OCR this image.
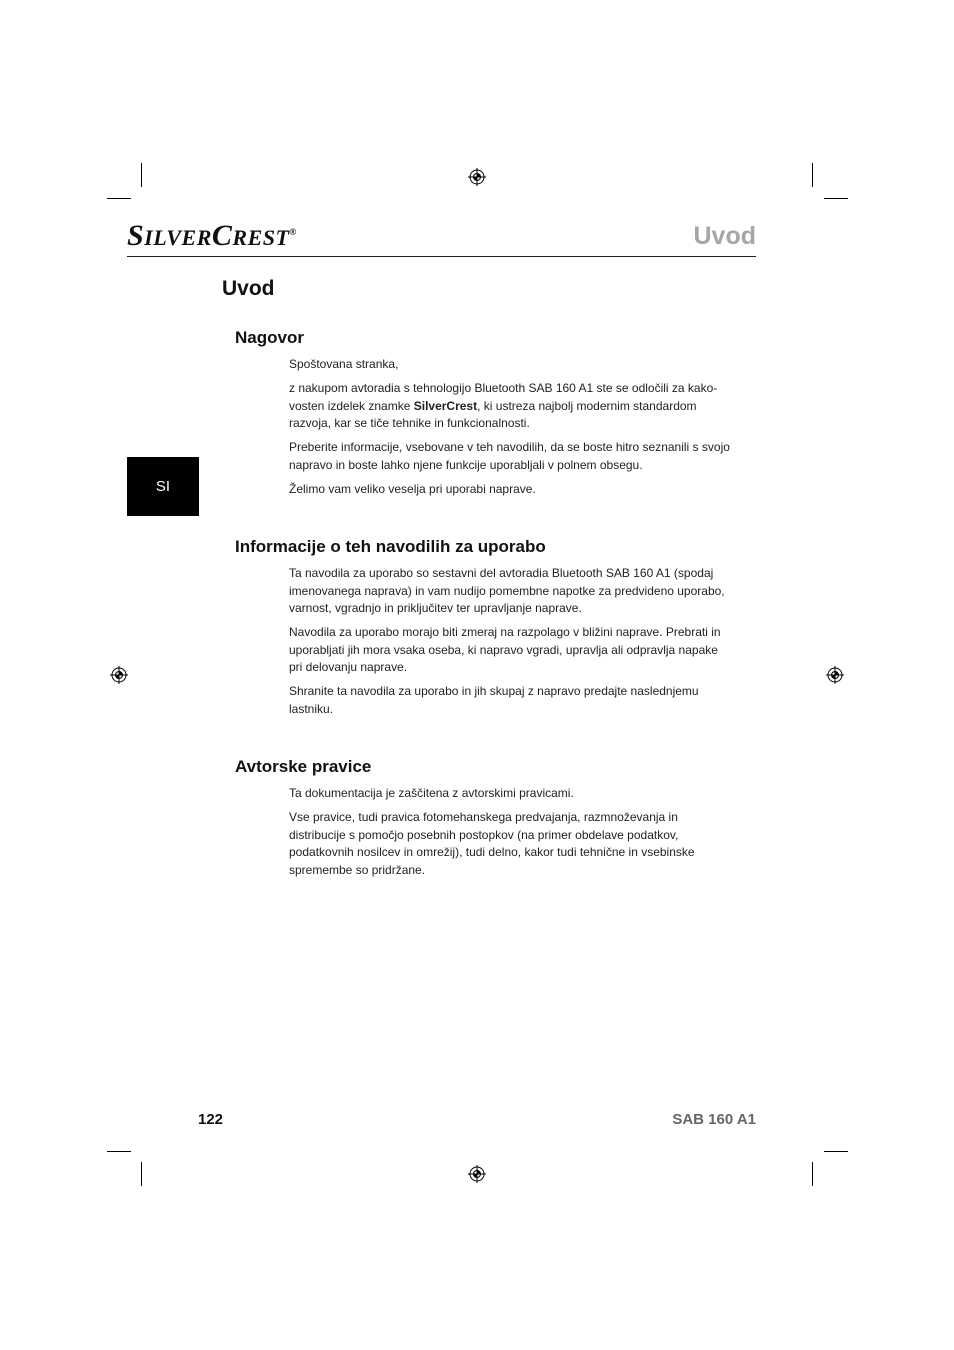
SILVERCREST®	Uvod
Uvod
SI
Nagovor

Spoštovana stranka,

z nakupom avtoradia s tehnologijo Bluetooth SAB 160 A1 ste se odločili za kako-vosten izdelek znamke SilverCrest, ki ustreza najbolj modernim standardom razvoja, kar se tiče tehnike in funkcionalnosti.

Preberite informacije, vsebovane v teh navodilih, da se boste hitro seznanili s svojo napravo in boste lahko njene funkcije uporabljali v polnem obsegu.

Želimo vam veliko veselja pri uporabi naprave.

Informacije o teh navodilih za uporabo

Ta navodila za uporabo so sestavni del avtoradia Bluetooth SAB 160 A1 (spodaj imenovanega naprava) in vam nudijo pomembne napotke za predvideno uporabo, varnost, vgradnjo in priključitev ter upravljanje naprave.

Navodila za uporabo morajo biti zmeraj na razpolago v bližini naprave. Prebrati in uporabljati jih mora vsaka oseba, ki napravo vgradi, upravlja ali odpravlja napake pri delovanju naprave.

Shranite ta navodila za uporabo in jih skupaj z napravo predajte naslednjemu lastniku.

Avtorske pravice

Ta dokumentacija je zaščitena z avtorskimi pravicami.

Vse pravice, tudi pravica fotomehanskega predvajanja, razmnoževanja in distribucije s pomočjo posebnih postopkov (na primer obdelave podatkov, podatkovnih nosilcev in omrežij), tudi delno, kakor tudi tehnične in vsebinske spremembe so pridržane.

122	SAB 160 A1
